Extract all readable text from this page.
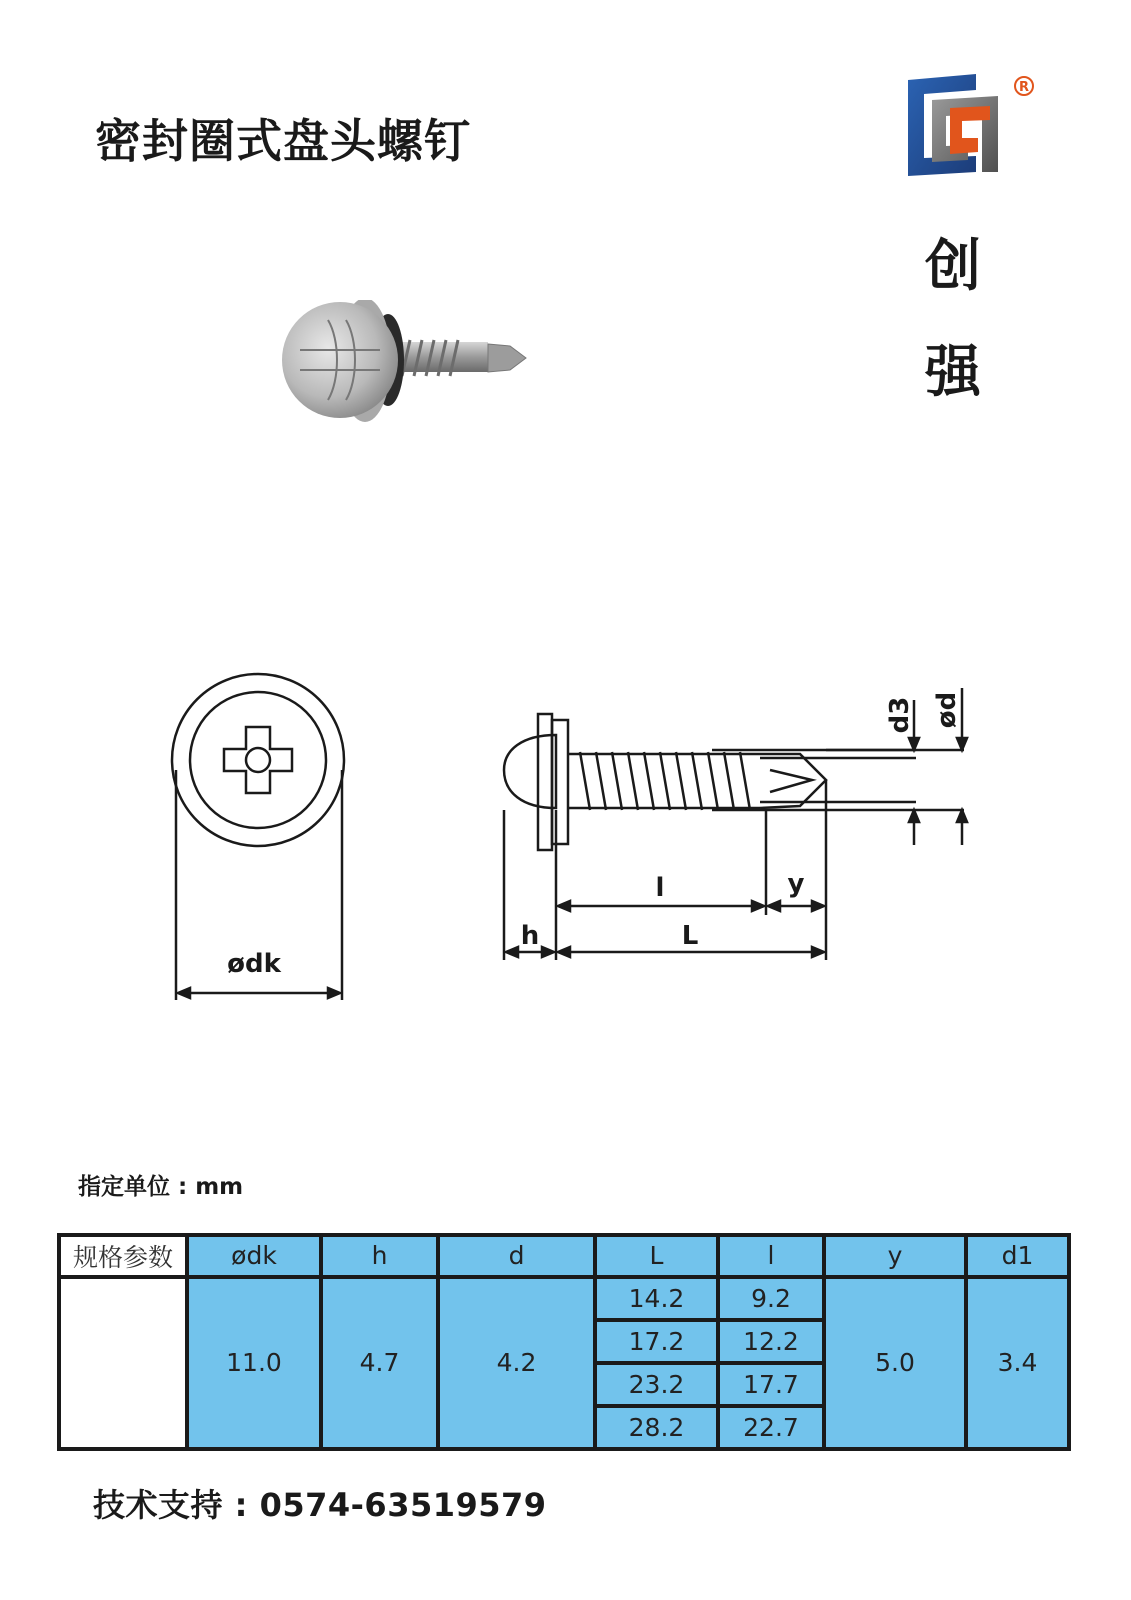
密封圈式盘头螺钉
R
创
强
ødk
l	y
h	L
d3 ød
指定单位 : mm
规格参数	ødk	h	d	L	l	y	d1
	11.0	4.7	4.2	14.2	9.2	5.0	3.4
				17.2	12.2		
				23.2	17.7		
				28.2	22.7		
技术支持 : 0574-63519579
